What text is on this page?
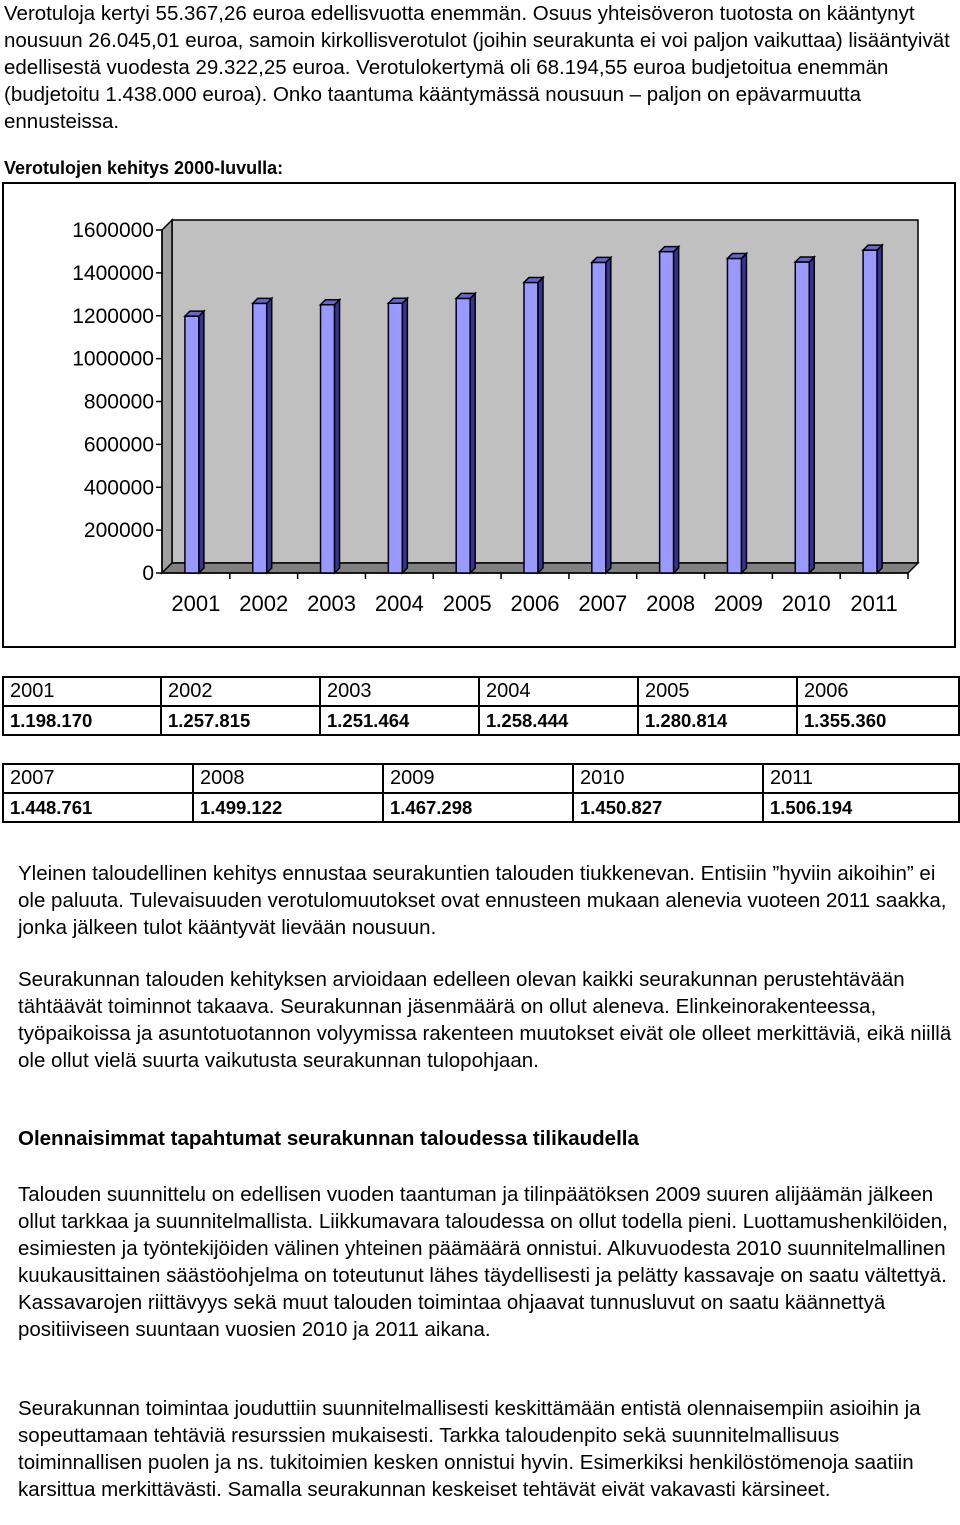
Verotuloja kertyi 55.367,26 euroa edellisvuotta enemmän. Osuus yhteisöveron tuotosta on kääntynyt nousuun 26.045,01 euroa, samoin kirkollisverotulot (joihin seurakunta ei voi paljon vaikuttaa) lisääntyivät edellisestä vuodesta 29.322,25 euroa. Verotulokertymä oli 68.194,55 euroa budjetoitua enemmän (budjetoitu 1.438.000 euroa). Onko taantuma kääntymässä nousuun – paljon on epävarmuutta ennusteissa.

Verotulojen kehitys 2000-luvulla:

0
200000
400000
600000
800000
1000000
1200000
1400000
1600000
2001 2002 2003 2004 2005 2006 2007 2008 2009 2010 2011
2001	2002	2003	2004	2005	2006
1.198.170	1.257.815	1.251.464	1.258.444	1.280.814	1.355.360
2007	2008	2009	2010	2011
1.448.761	1.499.122	1.467.298	1.450.827	1.506.194

Yleinen taloudellinen kehitys ennustaa seurakuntien talouden tiukkenevan. Entisiin ”hyviin aikoihin” ei ole paluuta. Tulevaisuuden verotulomuutokset ovat ennusteen mukaan alenevia vuoteen 2011 saakka, jonka jälkeen tulot kääntyvät lievään nousuun.

Seurakunnan talouden kehityksen arvioidaan edelleen olevan kaikki seurakunnan perustehtävään tähtäävät toiminnot takaava. Seurakunnan jäsenmäärä on ollut aleneva. Elinkeinorakenteessa, työpaikoissa ja asuntotuotannon volyymissa rakenteen muutokset eivät ole olleet merkittäviä, eikä niillä ole ollut vielä suurta vaikutusta seurakunnan tulopohjaan.

Olennaisimmat tapahtumat seurakunnan taloudessa tilikaudella

Talouden suunnittelu on edellisen vuoden taantuman ja tilinpäätöksen 2009 suuren alijäämän jälkeen ollut tarkkaa ja suunnitelmallista. Liikkumavara taloudessa on ollut todella pieni. Luottamushenkilöiden, esimiesten ja työntekijöiden välinen yhteinen päämäärä onnistui. Alkuvuodesta 2010 suunnitelmallinen kuukausittainen säästöohjelma on toteutunut lähes täydellisesti ja pelätty kassavaje on saatu vältettyä. Kassavarojen riittävyys sekä muut talouden toimintaa ohjaavat tunnusluvut on saatu käännettyä positiiviseen suuntaan vuosien 2010 ja 2011 aikana.

Seurakunnan toimintaa jouduttiin suunnitelmallisesti keskittämään entistä olennaisempiin asioihin ja sopeuttamaan tehtäviä resurssien mukaisesti. Tarkka taloudenpito sekä suunnitelmallisuus toiminnallisen puolen ja ns. tukitoimien kesken onnistui hyvin. Esimerkiksi henkilöstömenoja saatiin karsittua merkittävästi. Samalla seurakunnan keskeiset tehtävät eivät vakavasti kärsineet.
